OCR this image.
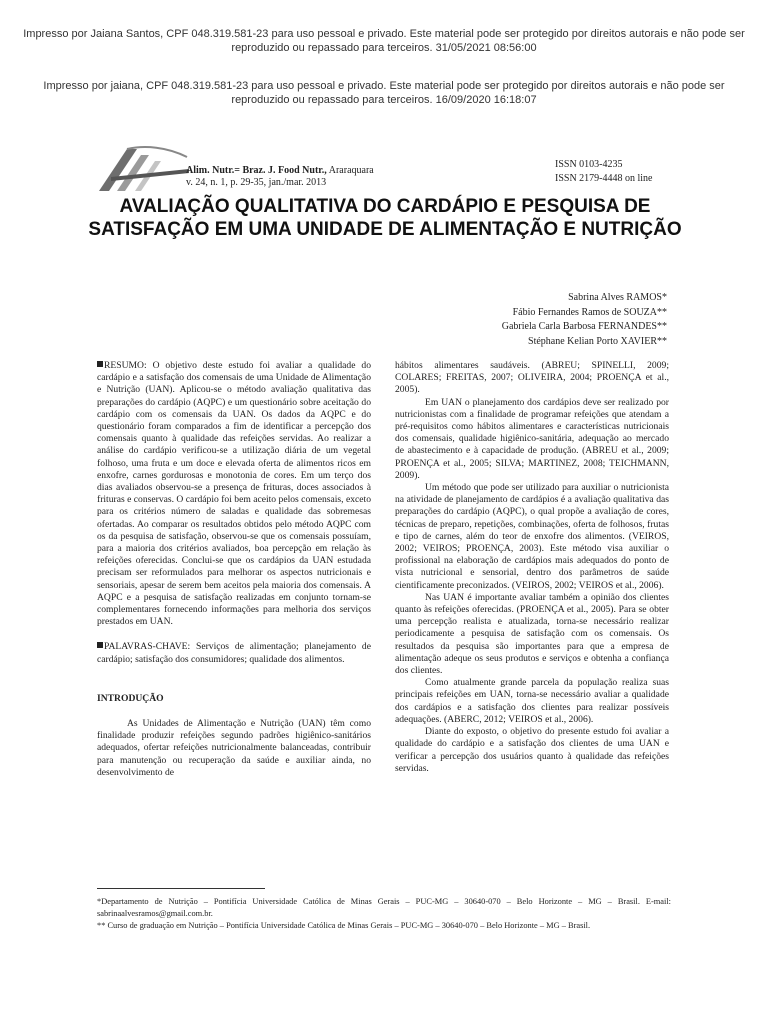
Impresso por Jaiana Santos, CPF 048.319.581-23 para uso pessoal e privado. Este material pode ser protegido por direitos autorais e não pode ser reproduzido ou repassado para terceiros. 31/05/2021 08:56:00
Impresso por jaiana, CPF 048.319.581-23 para uso pessoal e privado. Este material pode ser protegido por direitos autorais e não pode ser reproduzido ou repassado para terceiros. 16/09/2020 16:18:07
Alim. Nutr.= Braz. J. Food Nutr., Araraquara
v. 24, n. 1, p. 29-35, jan./mar. 2013
ISSN 0103-4235
ISSN 2179-4448 on line
AVALIAÇÃO QUALITATIVA DO CARDÁPIO E PESQUISA DE SATISFAÇÃO EM UMA UNIDADE DE ALIMENTAÇÃO E NUTRIÇÃO
Sabrina Alves RAMOS*
Fábio Fernandes Ramos de SOUZA**
Gabriela Carla Barbosa FERNANDES**
Stéphane Kelian Porto XAVIER**

RESUMO: O objetivo deste estudo foi avaliar a qualidade do cardápio e a satisfação dos comensais de uma Unidade de Alimentação e Nutrição (UAN). Aplicou-se o método avaliação qualitativa das preparações do cardápio (AQPC) e um questionário sobre aceitação do cardápio com os comensais da UAN. Os dados da AQPC e do questionário foram comparados a fim de identificar a percepção dos comensais quanto à qualidade das refeições servidas. Ao realizar a análise do cardápio verificou-se a utilização diária de um vegetal folhoso, uma fruta e um doce e elevada oferta de alimentos ricos em enxofre, carnes gordurosas e monotonia de cores. Em um terço dos dias avaliados observou-se a presença de frituras, doces associados à frituras e conservas. O cardápio foi bem aceito pelos comensais, exceto para os critérios número de saladas e qualidade das sobremesas ofertadas. Ao comparar os resultados obtidos pelo método AQPC com os da pesquisa de satisfação, observou-se que os comensais possuíam, para a maioria dos critérios avaliados, boa percepção em relação às refeições oferecidas. Conclui-se que os cardápios da UAN estudada precisam ser reformulados para melhorar os aspectos nutricionais e sensoriais, apesar de serem bem aceitos pela maioria dos comensais. A AQPC e a pesquisa de satisfação realizadas em conjunto tornam-se complementares fornecendo informações para melhoria dos serviços prestados em UAN.

PALAVRAS-CHAVE: Serviços de alimentação; planejamento de cardápio; satisfação dos consumidores; qualidade dos alimentos.

INTRODUÇÃO

As Unidades de Alimentação e Nutrição (UAN) têm como finalidade produzir refeições segundo padrões higiênico-sanitários adequados, ofertar refeições nutricionalmente balanceadas, contribuir para manutenção ou recuperação da saúde e auxiliar ainda, no desenvolvimento de

hábitos alimentares saudáveis. (ABREU; SPINELLI, 2009; COLARES; FREITAS, 2007; OLIVEIRA, 2004; PROENÇA et al., 2005).

Em UAN o planejamento dos cardápios deve ser realizado por nutricionistas com a finalidade de programar refeições que atendam a pré-requisitos como hábitos alimentares e características nutricionais dos comensais, qualidade higiênico-sanitária, adequação ao mercado de abastecimento e à capacidade de produção. (ABREU et al., 2009; PROENÇA et al., 2005; SILVA; MARTINEZ, 2008; TEICHMANN, 2009).

Um método que pode ser utilizado para auxiliar o nutricionista na atividade de planejamento de cardápios é a avaliação qualitativa das preparações do cardápio (AQPC), o qual propõe a avaliação de cores, técnicas de preparo, repetições, combinações, oferta de folhosos, frutas e tipo de carnes, além do teor de enxofre dos alimentos. (VEIROS, 2002; VEIROS; PROENÇA, 2003). Este método visa auxiliar o profissional na elaboração de cardápios mais adequados do ponto de vista nutricional e sensorial, dentro dos parâmetros de saúde cientificamente preconizados. (VEIROS, 2002; VEIROS et al., 2006).

Nas UAN é importante avaliar também a opinião dos clientes quanto às refeições oferecidas. (PROENÇA et al., 2005). Para se obter uma percepção realista e atualizada, torna-se necessário realizar periodicamente a pesquisa de satisfação com os comensais. Os resultados da pesquisa são importantes para que a empresa de alimentação adeque os seus produtos e serviços e obtenha a confiança dos clientes.

Como atualmente grande parcela da população realiza suas principais refeições em UAN, torna-se necessário avaliar a qualidade dos cardápios e a satisfação dos clientes para realizar possíveis adequações. (ABERC, 2012; VEIROS et al., 2006).

Diante do exposto, o objetivo do presente estudo foi avaliar a qualidade do cardápio e a satisfação dos clientes de uma UAN e verificar a percepção dos usuários quanto à qualidade das refeições servidas.

*Departamento de Nutrição – Pontifícia Universidade Católica de Minas Gerais – PUC-MG – 30640-070 – Belo Horizonte – MG – Brasil. E-mail: sabrinaalvesramos@gmail.com.br.

** Curso de graduação em Nutrição – Pontifícia Universidade Católica de Minas Gerais – PUC-MG – 30640-070 – Belo Horizonte – MG – Brasil.
